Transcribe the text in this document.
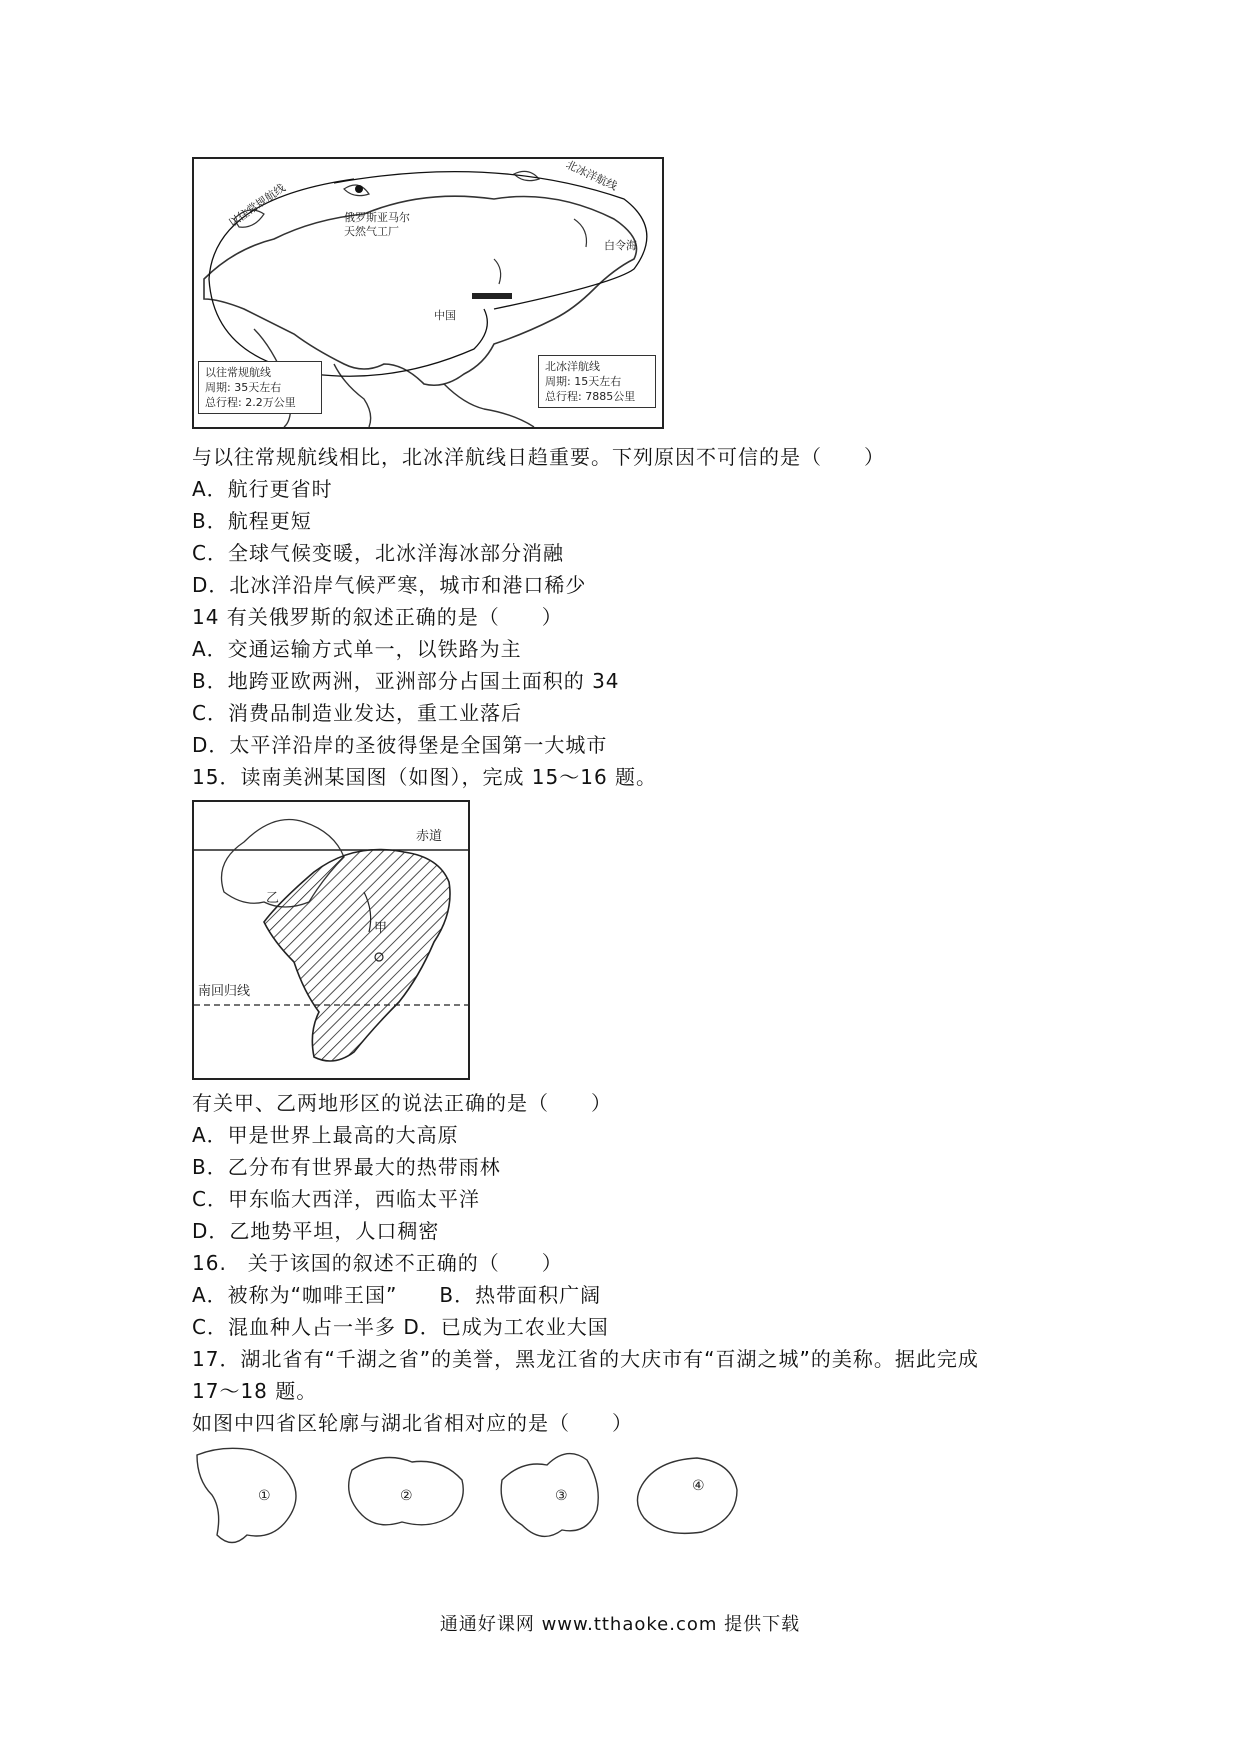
以往常规航线
北冰洋航线
俄罗斯亚马尔
天然气工厂
白令海
中国
以往常规航线
周期: 35天左右
总行程: 2.2万公里
北冰洋航线
周期: 15天左右
总行程: 7885公里
与以往常规航线相比，北冰洋航线日趋重要。下列原因不可信的是（　　）
A．航行更省时
B．航程更短
C．全球气候变暖，北冰洋海冰部分消融
D．北冰洋沿岸气候严寒，城市和港口稀少
14 有关俄罗斯的叙述正确的是（　　）
A．交通运输方式单一，以铁路为主
B．地跨亚欧两洲，亚洲部分占国土面积的 34
C．消费品制造业发达，重工业落后
D．太平洋沿岸的圣彼得堡是全国第一大城市
15．读南美洲某国图（如图），完成 15～16 题。
赤道
南回归线
甲
乙
有关甲、乙两地形区的说法正确的是（　　）
A．甲是世界上最高的大高原
B．乙分布有世界最大的热带雨林
C．甲东临大西洋，西临太平洋
D．乙地势平坦，人口稠密
16.　关于该国的叙述不正确的（　　）
A．被称为“咖啡王国”　　B．热带面积广阔
C．混血种人占一半多 D．已成为工农业大国
17．湖北省有“千湖之省”的美誉，黑龙江省的大庆市有“百湖之城”的美称。据此完成
17～18 题。
如图中四省区轮廓与湖北省相对应的是（　　）
①	②	③
④
通通好课网 www.tthaoke.com 提供下载
